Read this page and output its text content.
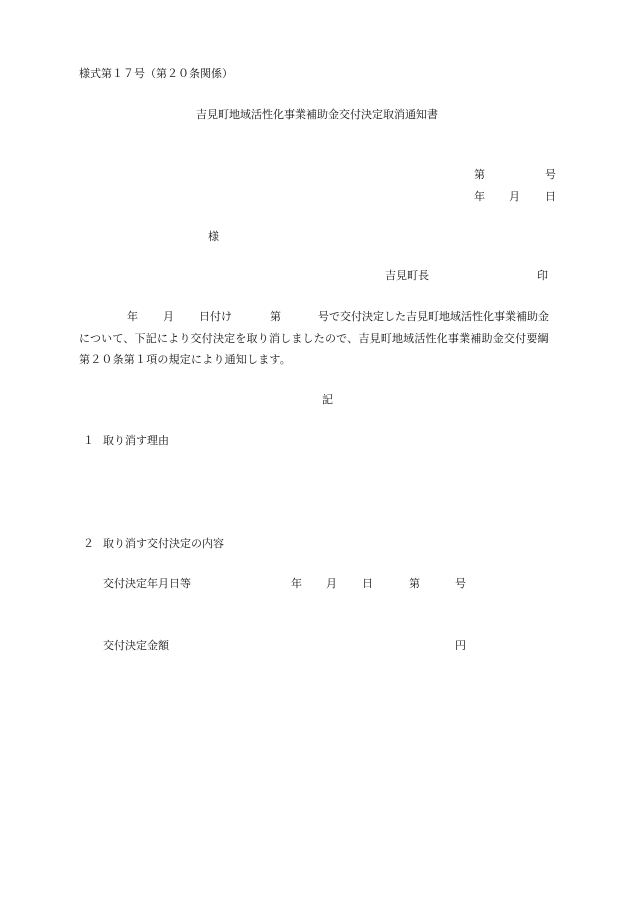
様式第１７号（第２０条関係）
吉見町地域活性化事業補助金交付決定取消通知書
第	号
年 月 日
様
吉見町長	印
年 月 日付け	第	号で交付決定した吉見町地域活性化事業補助金
について、下記により交付決定を取り消しましたので、吉見町地域活性化事業補助金交付要綱
第２０条第１項の規定により通知します。
記
１ 取り消す理由
２ 取り消す交付決定の内容
交付決定年月日等	年 月 日	第	号
交付決定金額	円
